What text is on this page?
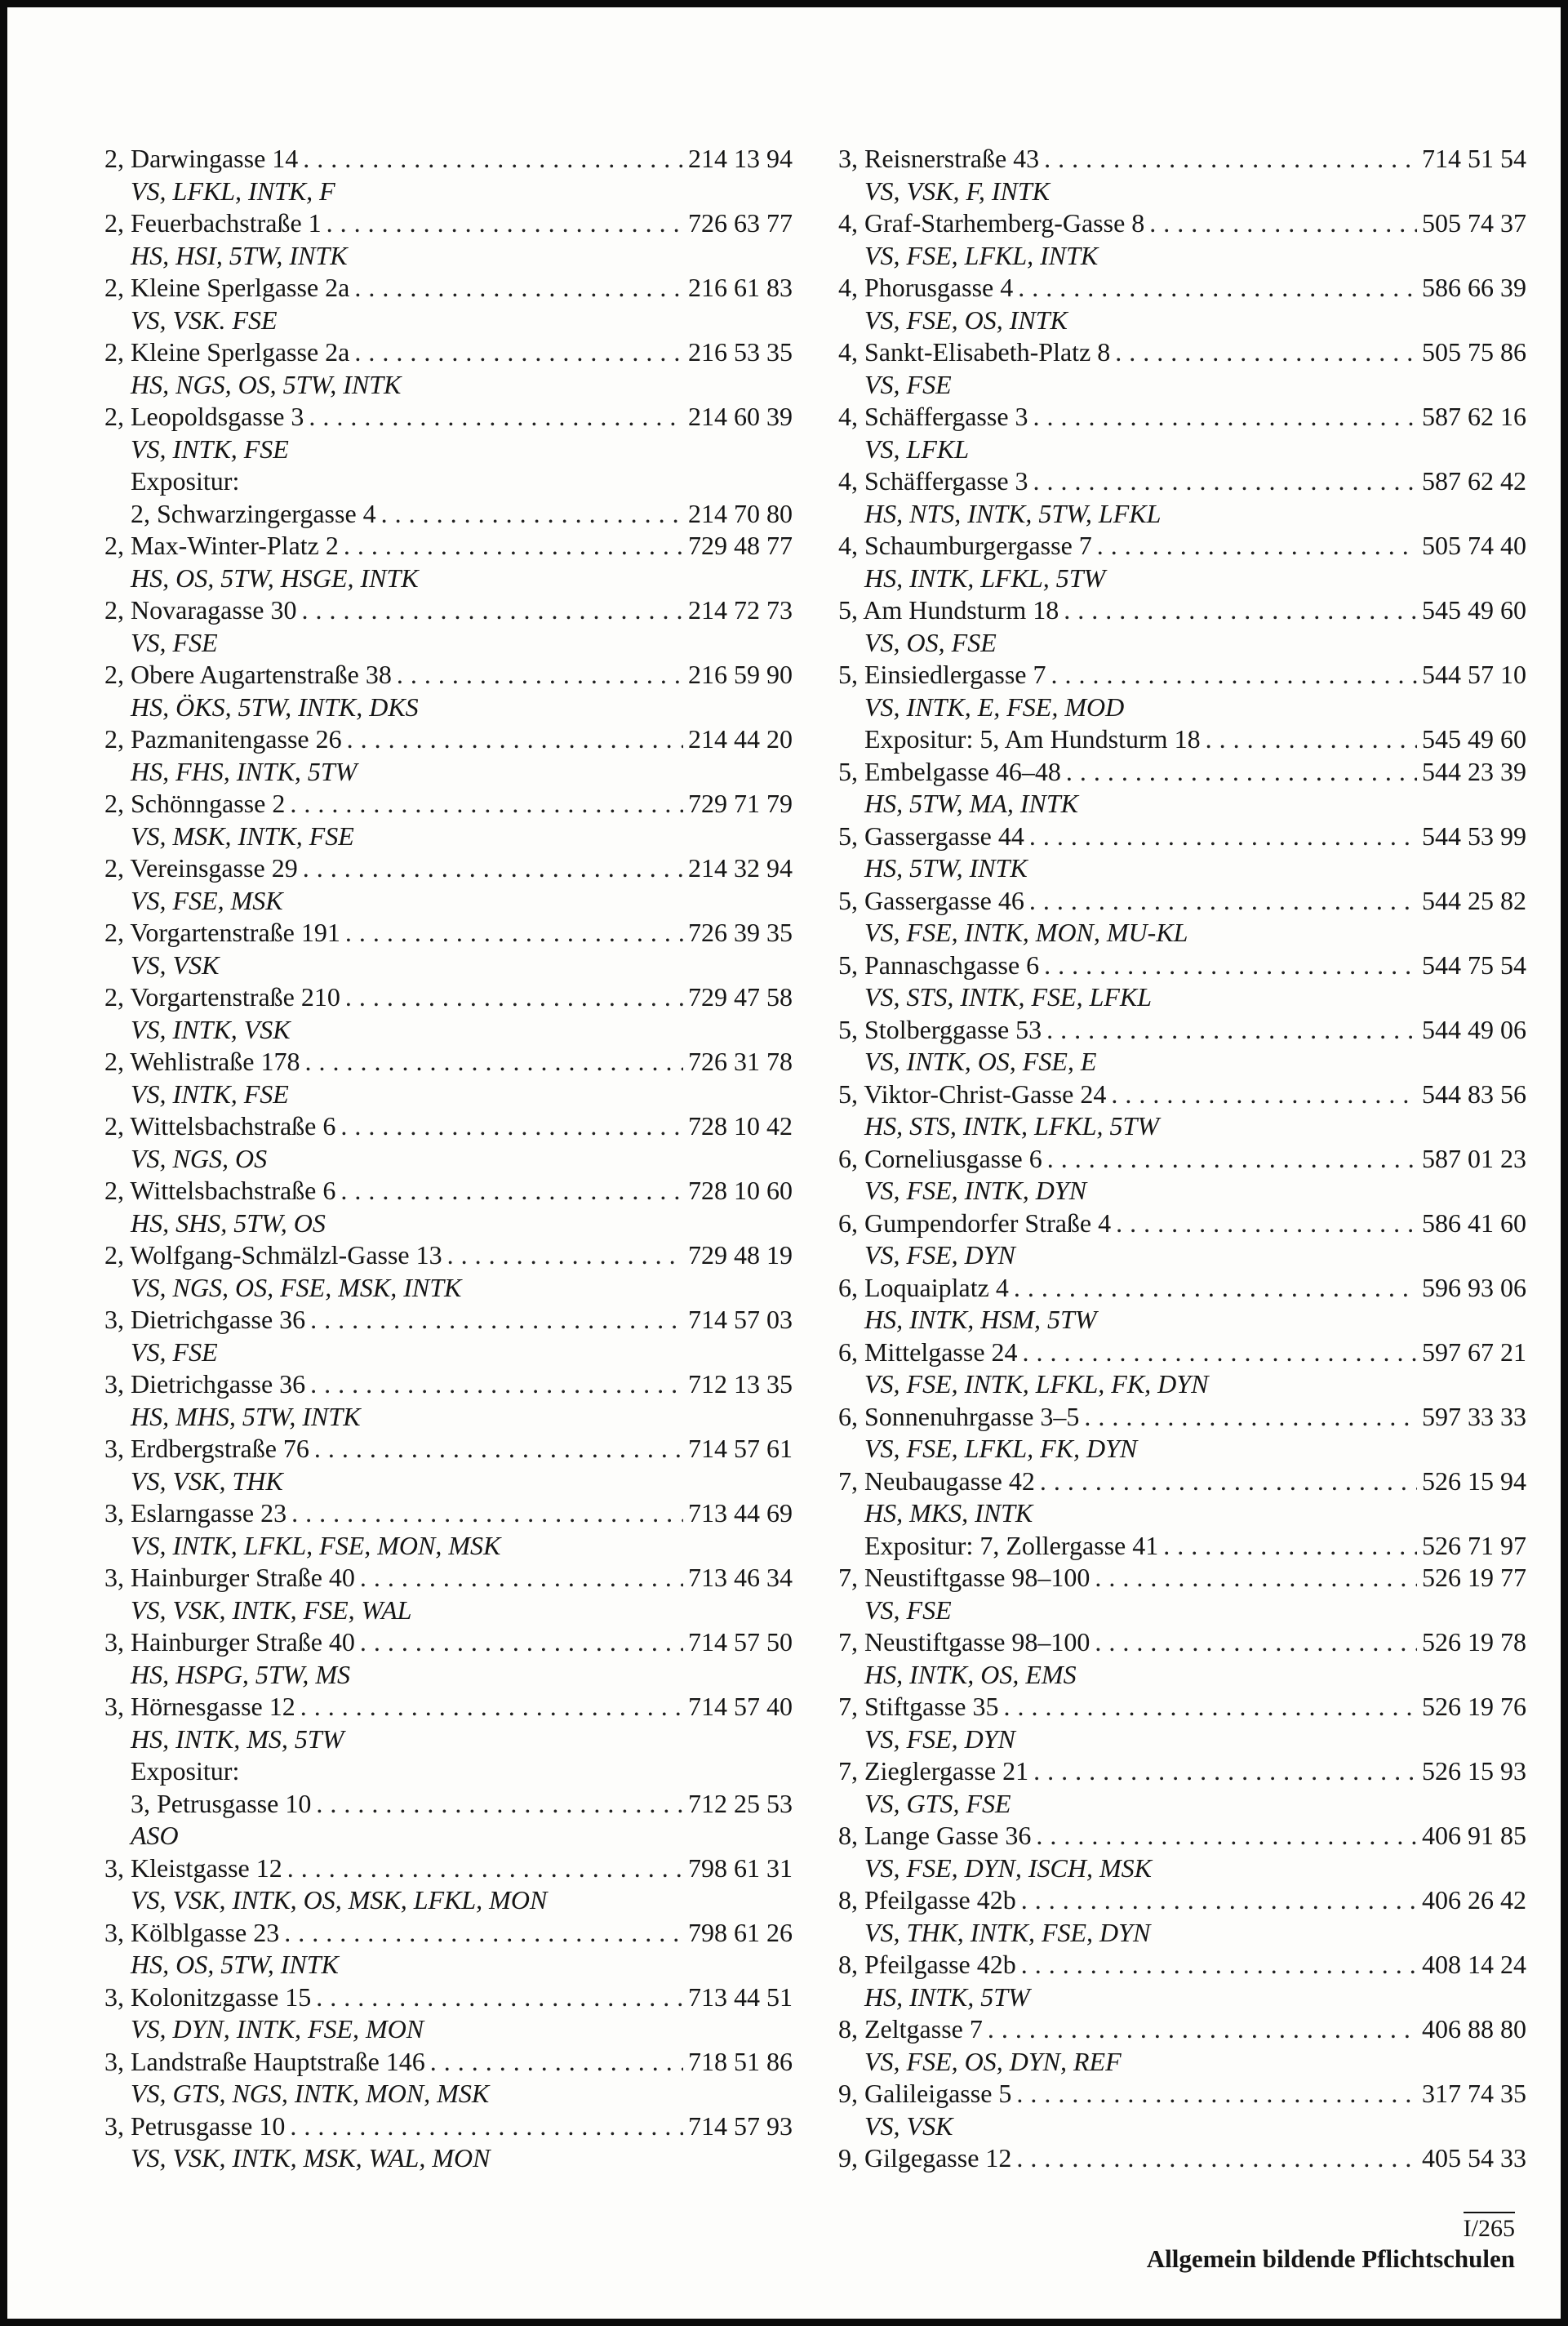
2, Darwingasse 14 . . .	214 13 94
VS, LFKL, INTK, F
2, Feuerbachstraße 1 . . .	726 63 77
HS, HSI, 5TW, INTK
2, Kleine Sperlgasse 2a . . .	216 61 83
VS, VSK. FSE
2, Kleine Sperlgasse 2a . . .	216 53 35
HS, NGS, OS, 5TW, INTK
2, Leopoldsgasse 3 . . .	214 60 39
VS, INTK, FSE
Expositur:
2, Schwarzingergasse 4 . . .	214 70 80
2, Max-Winter-Platz 2 . . .	729 48 77
HS, OS, 5TW, HSGE, INTK
2, Novaragasse 30 . . .	214 72 73
VS, FSE
2, Obere Augartenstraße 38 . . .	216 59 90
HS, ÖKS, 5TW, INTK, DKS
2, Pazmanitengasse 26 . . .	214 44 20
HS, FHS, INTK, 5TW
2, Schönngasse 2 . . .	729 71 79
VS, MSK, INTK, FSE
2, Vereinsgasse 29 . . .	214 32 94
VS, FSE, MSK
2, Vorgartenstraße 191 . . .	726 39 35
VS, VSK
2, Vorgartenstraße 210 . . .	729 47 58
VS, INTK, VSK
2, Wehlistraße 178 . . .	726 31 78
VS, INTK, FSE
2, Wittelsbachstraße 6 . . .	728 10 42
VS, NGS, OS
2, Wittelsbachstraße 6 . . .	728 10 60
HS, SHS, 5TW, OS
2, Wolfgang-Schmälzl-Gasse 13 . . .	729 48 19
VS, NGS, OS, FSE, MSK, INTK
3, Dietrichgasse 36 . . .	714 57 03
VS, FSE
3, Dietrichgasse 36 . . .	712 13 35
HS, MHS, 5TW, INTK
3, Erdbergstraße 76 . . .	714 57 61
VS, VSK, THK
3, Eslarngasse 23 . . .	713 44 69
VS, INTK, LFKL, FSE, MON, MSK
3, Hainburger Straße 40 . . .	713 46 34
VS, VSK, INTK, FSE, WAL
3, Hainburger Straße 40 . . .	714 57 50
HS, HSPG, 5TW, MS
3, Hörnesgasse 12 . . .	714 57 40
HS, INTK, MS, 5TW
Expositur:
3, Petrusgasse 10 . . .	712 25 53
ASO
3, Kleistgasse 12 . . .	798 61 31
VS, VSK, INTK, OS, MSK, LFKL, MON
3, Kölblgasse 23 . . .	798 61 26
HS, OS, 5TW, INTK
3, Kolonitzgasse 15 . . .	713 44 51
VS, DYN, INTK, FSE, MON
3, Landstraße Hauptstraße 146 . . .	718 51 86
VS, GTS, NGS, INTK, MON, MSK
3, Petrusgasse 10 . . .	714 57 93
VS, VSK, INTK, MSK, WAL, MON
3, Reisnerstraße 43 . . .	714 51 54
VS, VSK, F, INTK
4, Graf-Starhemberg-Gasse 8 . . .	505 74 37
VS, FSE, LFKL, INTK
4, Phorusgasse 4 . . .	586 66 39
VS, FSE, OS, INTK
4, Sankt-Elisabeth-Platz 8 . . .	505 75 86
VS, FSE
4, Schäffergasse 3 . . .	587 62 16
VS, LFKL
4, Schäffergasse 3 . . .	587 62 42
HS, NTS, INTK, 5TW, LFKL
4, Schaumburgergasse 7 . . .	505 74 40
HS, INTK, LFKL, 5TW
5, Am Hundsturm 18 . . .	545 49 60
VS, OS, FSE
5, Einsiedlergasse 7 . . .	544 57 10
VS, INTK, E, FSE, MOD
Expositur: 5, Am Hundsturm 18 . . .	545 49 60
5, Embelgasse 46–48 . . .	544 23 39
HS, 5TW, MA, INTK
5, Gassergasse 44 . . .	544 53 99
HS, 5TW, INTK
5, Gassergasse 46 . . .	544 25 82
VS, FSE, INTK, MON, MU-KL
5, Pannaschgasse 6 . . .	544 75 54
VS, STS, INTK, FSE, LFKL
5, Stolberggasse 53 . . .	544 49 06
VS, INTK, OS, FSE, E
5, Viktor-Christ-Gasse 24 . . .	544 83 56
HS, STS, INTK, LFKL, 5TW
6, Corneliusgasse 6 . . .	587 01 23
VS, FSE, INTK, DYN
6, Gumpendorfer Straße 4 . . .	586 41 60
VS, FSE, DYN
6, Loquaiplatz 4 . . .	596 93 06
HS, INTK, HSM, 5TW
6, Mittelgasse 24 . . .	597 67 21
VS, FSE, INTK, LFKL, FK, DYN
6, Sonnenuhrgasse 3–5 . . .	597 33 33
VS, FSE, LFKL, FK, DYN
7, Neubaugasse 42 . . .	526 15 94
HS, MKS, INTK
Expositur: 7, Zollergasse 41 . . .	526 71 97
7, Neustiftgasse 98–100 . . .	526 19 77
VS, FSE
7, Neustiftgasse 98–100 . . .	526 19 78
HS, INTK, OS, EMS
7, Stiftgasse 35 . . .	526 19 76
VS, FSE, DYN
7, Zieglergasse 21 . . .	526 15 93
VS, GTS, FSE
8, Lange Gasse 36 . . .	406 91 85
VS, FSE, DYN, ISCH, MSK
8, Pfeilgasse 42b . . .	406 26 42
VS, THK, INTK, FSE, DYN
8, Pfeilgasse 42b . . .	408 14 24
HS, INTK, 5TW
8, Zeltgasse 7 . . .	406 88 80
VS, FSE, OS, DYN, REF
9, Galileigasse 5 . . .	317 74 35
VS, VSK
9, Gilgegasse 12 . . .	405 54 33
I/265
Allgemein bildende Pflichtschulen
